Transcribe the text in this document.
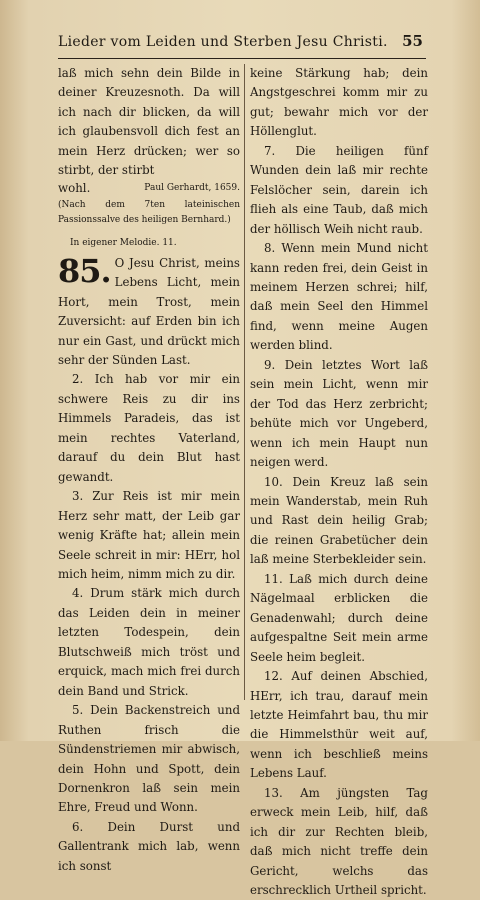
Lieder vom Leiden und Sterben Jesu Christi. 55

laß mich sehn dein Bilde in deiner Kreuzesnoth. Da will ich nach dir blicken, da will ich glaubensvoll dich fest an mein Herz drücken; wer so stirbt, der stirbt

wohl.	Paul Gerhardt, 1659.

(Nach dem 7ten lateinischen Passionssalve des heiligen Bernhard.)

In eigener Melodie. 11.

85. O Jesu Christ, meins Lebens Licht, mein Hort, mein Trost, mein Zuversicht: auf Erden bin ich nur ein Gast, und drückt mich sehr der Sünden Last.

2. Ich hab vor mir ein schwere Reis zu dir ins Himmels Paradeis, das ist mein rechtes Vaterland, darauf du dein Blut hast gewandt.

3. Zur Reis ist mir mein Herz sehr matt, der Leib gar wenig Kräfte hat; allein mein Seele schreit in mir: HErr, hol mich heim, nimm mich zu dir.

4. Drum stärk mich durch das Leiden dein in meiner letzten Todespein, dein Blutschweiß mich tröst und erquick, mach mich frei durch dein Band und Strick.

5. Dein Backenstreich und Ruthen frisch die Sündenstriemen mir abwisch, dein Hohn und Spott, dein Dornenkron laß sein mein Ehre, Freud und Wonn.

6. Dein Durst und Gallentrank mich lab, wenn ich sonst

keine Stärkung hab; dein Angstgeschrei komm mir zu gut; bewahr mich vor der Höllenglut.

7. Die heiligen fünf Wunden dein laß mir rechte Felslöcher sein, darein ich flieh als eine Taub, daß mich der höllisch Weih nicht raub.

8. Wenn mein Mund nicht kann reden frei, dein Geist in meinem Herzen schrei; hilf, daß mein Seel den Himmel find, wenn meine Augen werden blind.

9. Dein letztes Wort laß sein mein Licht, wenn mir der Tod das Herz zerbricht; behüte mich vor Ungeberd, wenn ich mein Haupt nun neigen werd.

10. Dein Kreuz laß sein mein Wanderstab, mein Ruh und Rast dein heilig Grab; die reinen Grabetücher dein laß meine Sterbekleider sein.

11. Laß mich durch deine Nägelmaal erblicken die Genadenwahl; durch deine aufgespaltne Seit mein arme Seele heim begleit.

12. Auf deinen Abschied, HErr, ich trau, darauf mein letzte Heimfahrt bau, thu mir die Himmelsthür weit auf, wenn ich beschließ meins Lebens Lauf.

13. Am jüngsten Tag erweck mein Leib, hilf, daß ich dir zur Rechten bleib, daß mich nicht treffe dein Gericht, welchs das erschrecklich Urtheil spricht.
